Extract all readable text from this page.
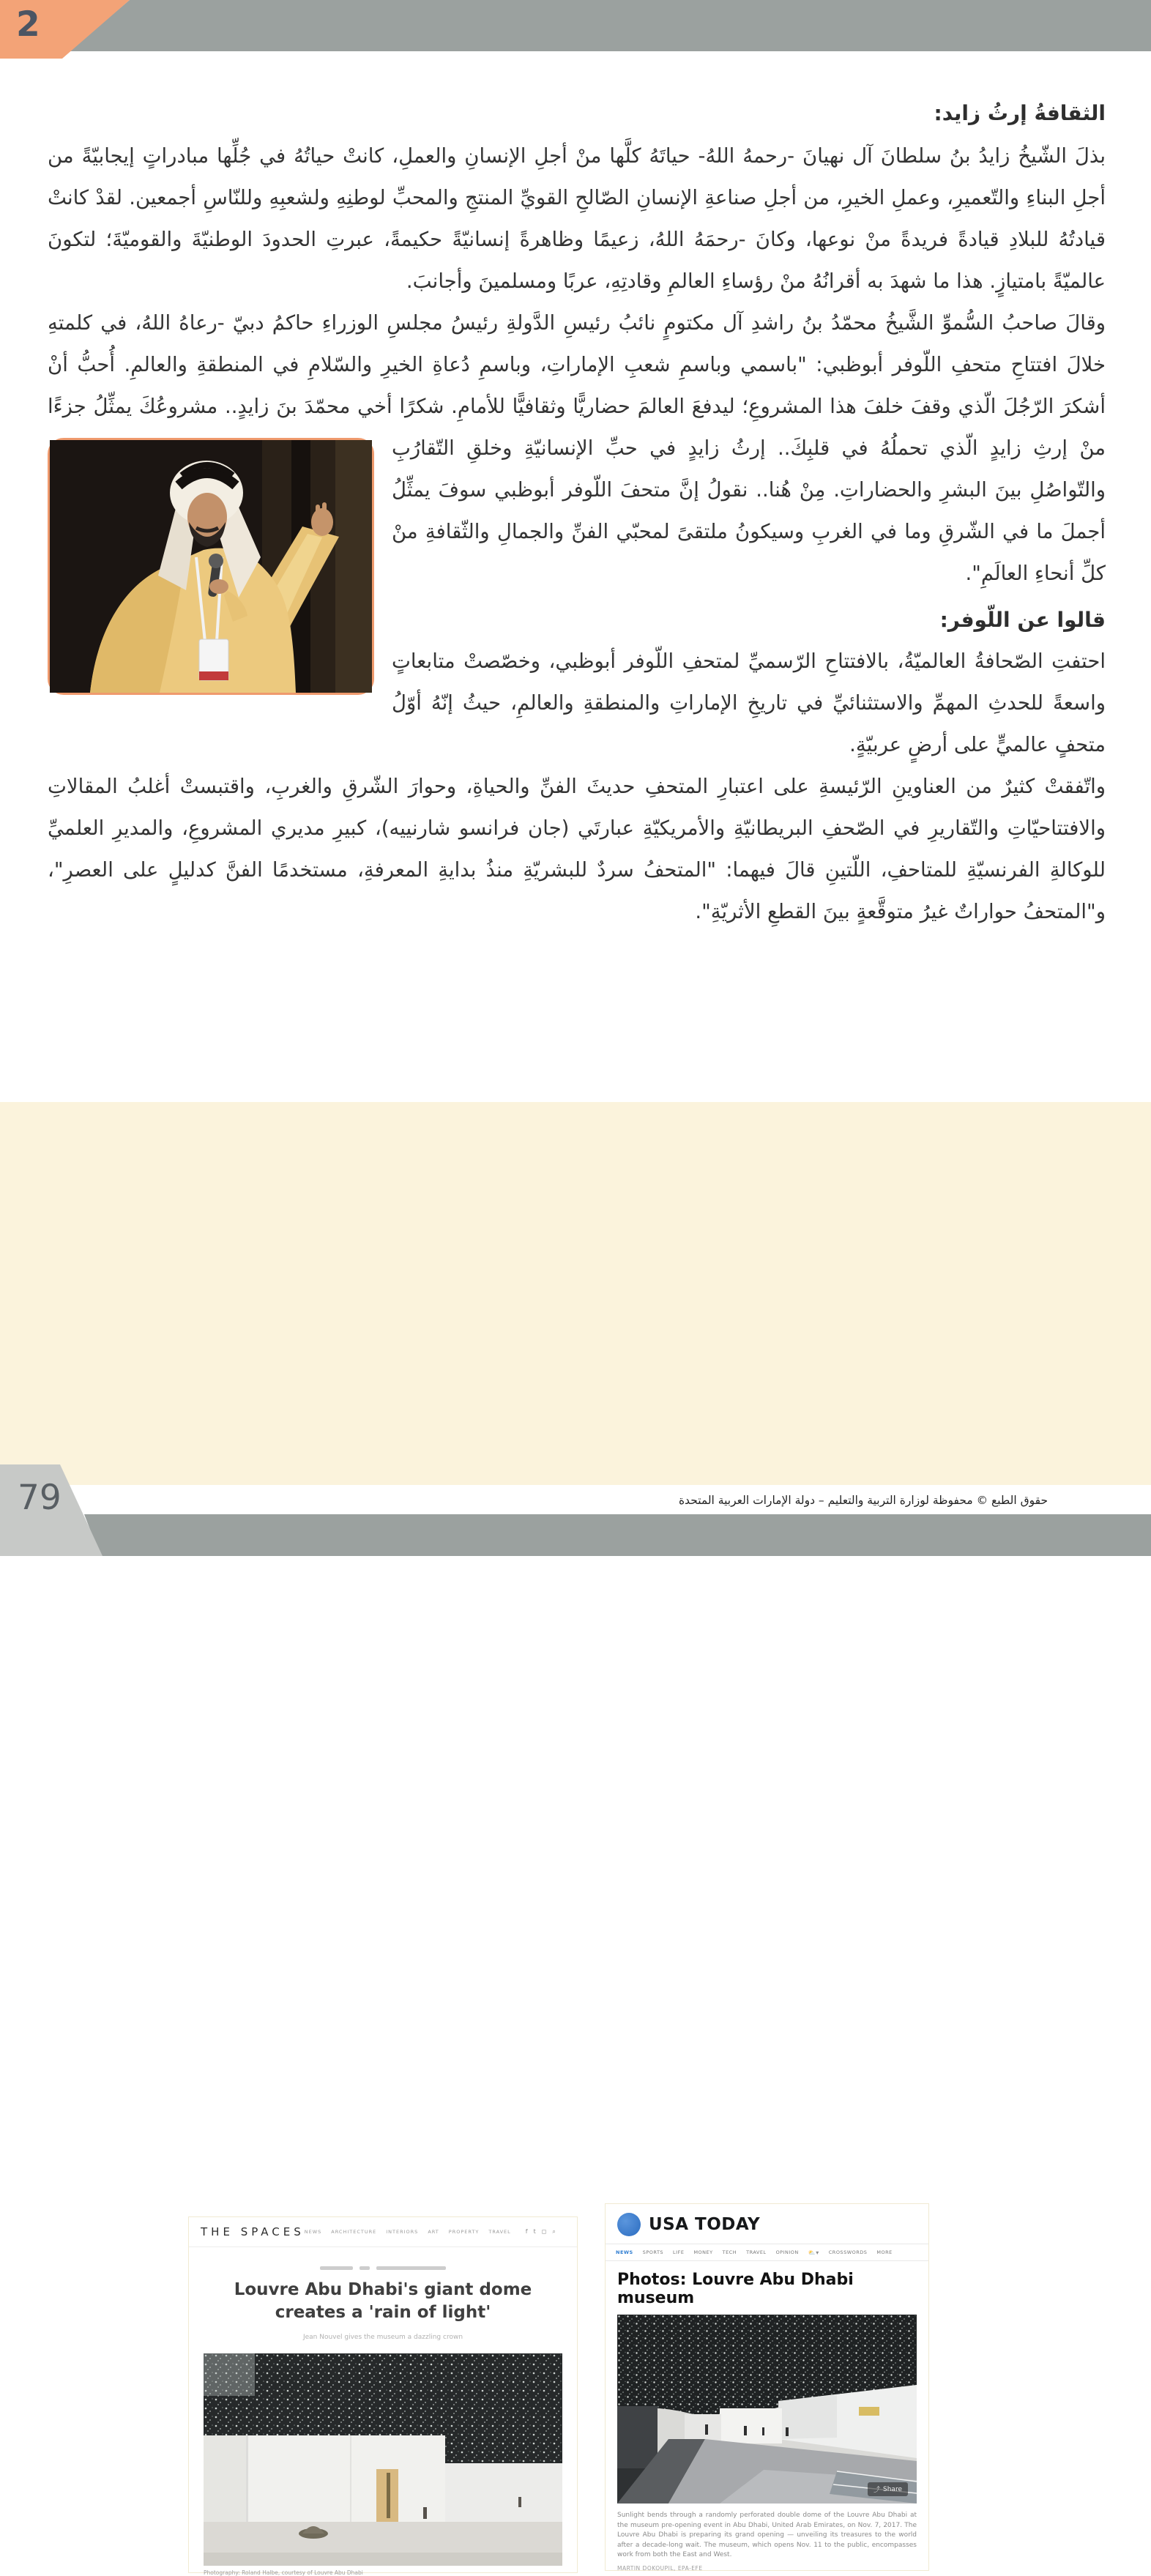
2
الثقافةُ إرثُ زايد:

بذلَ الشّيخُ زايدُ بنُ سلطانَ آل نهيانَ -رحمهُ اللهُ- حياتَهُ كلَّها منْ أجلِ الإنسانِ والعملِ، كانتْ حياتُهُ في جُلِّها مبادراتٍ إيجابيّةً من أجلِ البناءِ والتّعميرِ، وعملِ الخيرِ، من أجلِ صناعةِ الإنسانِ الصّالحِ القويِّ المنتجِ والمحبِّ لوطنِهِ ولشعبِهِ وللنّاسِ أجمعين. لقدْ كانتْ قيادتُهُ للبلادِ قيادةً فريدةً منْ نوعها، وكانَ -رحمَهُ اللهُ، زعيمًا وظاهرةً إنسانيّةً حكيمةً، عبرتِ الحدودَ الوطنيّةَ والقوميّةَ؛ لتكونَ عالميّةً بامتيازٍ. هذا ما شهدَ به أقرانُهُ منْ رؤساءِ العالمِ وقادتِهِ، عربًا ومسلمينَ وأجانبَ.

وقالَ صاحبُ السُّموِّ الشَّيخُ محمّدُ بنُ راشدِ آل مكتومٍ نائبُ رئيسِ الدَّولةِ رئيسُ مجلسِ الوزراءِ حاكمُ دبيّ -رعاهُ اللهُ، في كلمتهِ خلالَ افتتاحِ متحفِ اللّوفر أبوظبي: "باسمي وباسمِ شعبِ الإماراتِ، وباسمِ دُعاةِ الخيرِ والسّلامِ في المنطقةِ والعالمِ. أُحبُّ أنْ أشكرَ الرّجُلَ الّذي وقفَ خلفَ هذا المشروعِ؛ ليدفعَ العالمَ حضاريًّا وثقافيًّا للأمامِ. شكرًا أخي محمّدَ بنَ زايدٍ.. مشروعُكَ يمثِّلُ جزءًا منْ إرثِ زايدٍ الّذي
تحملُهُ في قلبِكَ.. إرثُ زايدٍ في حبِّ الإنسانيّةِ وخلقِ التّقارُبِ والتّواصُلِ بينَ البشرِ والحضاراتِ. مِنْ هُنا.. نقولُ إنَّ متحفَ اللّوفر أبوظبي سوفَ يمثِّلُ أجملَ ما في الشّرقِ وما في الغربِ وسيكونُ ملتقىً لمحبّي الفنِّ والجمالِ والثّقافةِ منْ كلِّ أنحاءِ العالَمِ".

قالوا عن اللّوفر:

احتفتِ الصّحافةُ العالميّةُ، بالافتتاحِ الرّسميِّ لمتحفِ اللّوفر أبوظبي، وخصّصتْ متابعاتٍ واسعةً للحدثِ المهمِّ والاستثنائيِّ في تاريخِ الإماراتِ والمنطقةِ والعالمِ، حيثُ إنّهُ أوّلُ متحفٍ عالميٍّ على أرضٍ عربيّةٍ.

واتّفقتْ كثيرٌ من العناوينِ الرّئيسةِ على اعتبارِ المتحفِ حديثَ الفنِّ والحياةِ، وحوارَ الشّرقِ والغربِ، واقتبستْ أغلبُ المقالاتِ والافتتاحيّاتِ والتّقاريرِ في الصّحفِ البريطانيّةِ والأمريكيّةِ عبارتَي (جان فرانسو شارنييه)، كبيرِ مديري المشروعِ، والمديرِ العلميِّ للوكالةِ الفرنسيّةِ للمتاحفِ، اللّتينِ قالَ فيهما: "المتحفُ سردٌ للبشريّةِ منذُ بدايةِ المعرفةِ، مستخدمًا الفنَّ كدليلٍ على العصرِ"، و"المتحفُ حواراتٌ غيرُ متوقَّعةٍ بينَ القطعِ الأثريّةِ".

THE SPACES NEWS ARCHITECTURE INTERIORS ART PROPERTY TRAVEL	f t ◻ ⌕
Louvre Abu Dhabi's giant dome creates a 'rain of light'
Jean Nouvel gives the museum a dazzling crown
Photography: Roland Halbe, courtesy of Louvre Abu Dhabi
USA TODAY
NEWS SPORTS LIFE MONEY TECH TRAVEL OPINION ⛅▾ CROSSWORDS MORE
Photos: Louvre Abu Dhabi museum
⤴ Share
Sunlight bends through a randomly perforated double dome of the Louvre Abu Dhabi at the museum pre-opening event in Abu Dhabi, United Arab Emirates, on Nov. 7, 2017. The Louvre Abu Dhabi is preparing its grand opening — unveiling its treasures to the world after a decade-long wait. The museum, which opens Nov. 11 to the public, encompasses work from both the East and West.
MARTIN DOKOUPIL, EPA-EFE
حقوق الطبع © محفوظة لوزارة التربية والتعليم – دولة الإمارات العربية المتحدة
79
